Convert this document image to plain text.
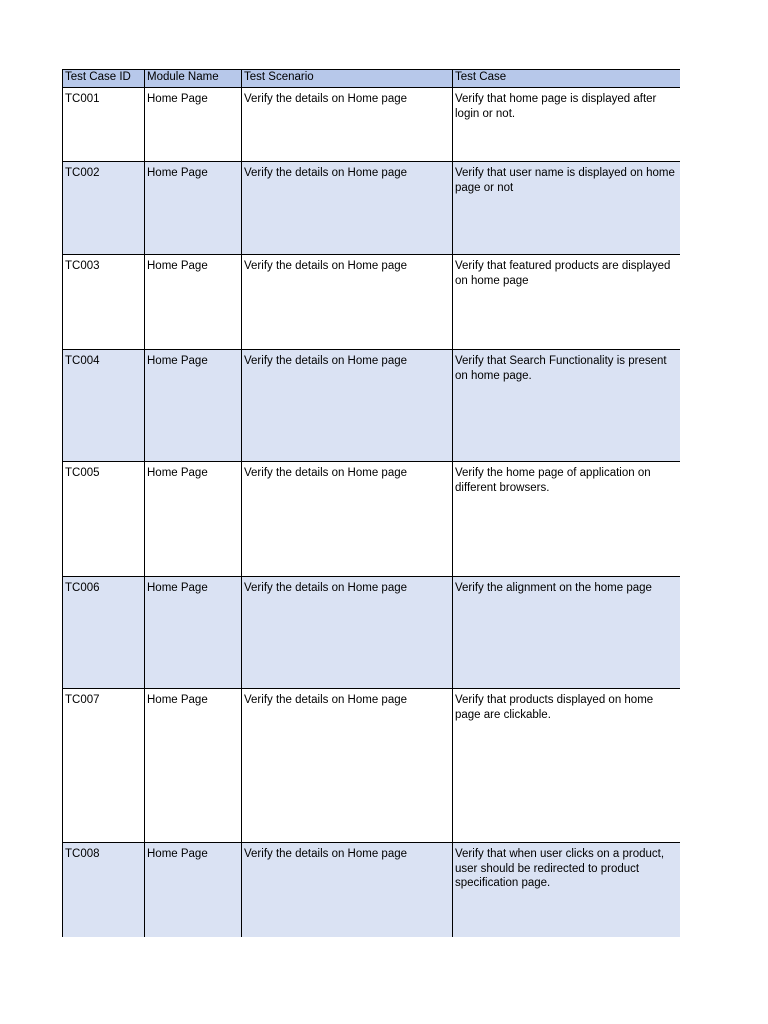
Test Case ID	Module Name	Test Scenario	Test Case
TC001	Home Page	Verify the details on Home page	Verify that home page is displayed after login or not.
TC002	Home Page	Verify the details on Home page	Verify that user name is displayed on home page or not
TC003	Home Page	Verify the details on Home page	Verify that featured products are displayed on home page
TC004	Home Page	Verify the details on Home page	Verify that Search Functionality is present on home page.
TC005	Home Page	Verify the details on Home page	Verify the home page of application on different browsers.
TC006	Home Page	Verify the details on Home page	Verify the alignment on the home page
TC007	Home Page	Verify the details on Home page	Verify that products displayed on home page are clickable.
TC008	Home Page	Verify the details on Home page	Verify that when user clicks on a product, user should be redirected to product specification page.
